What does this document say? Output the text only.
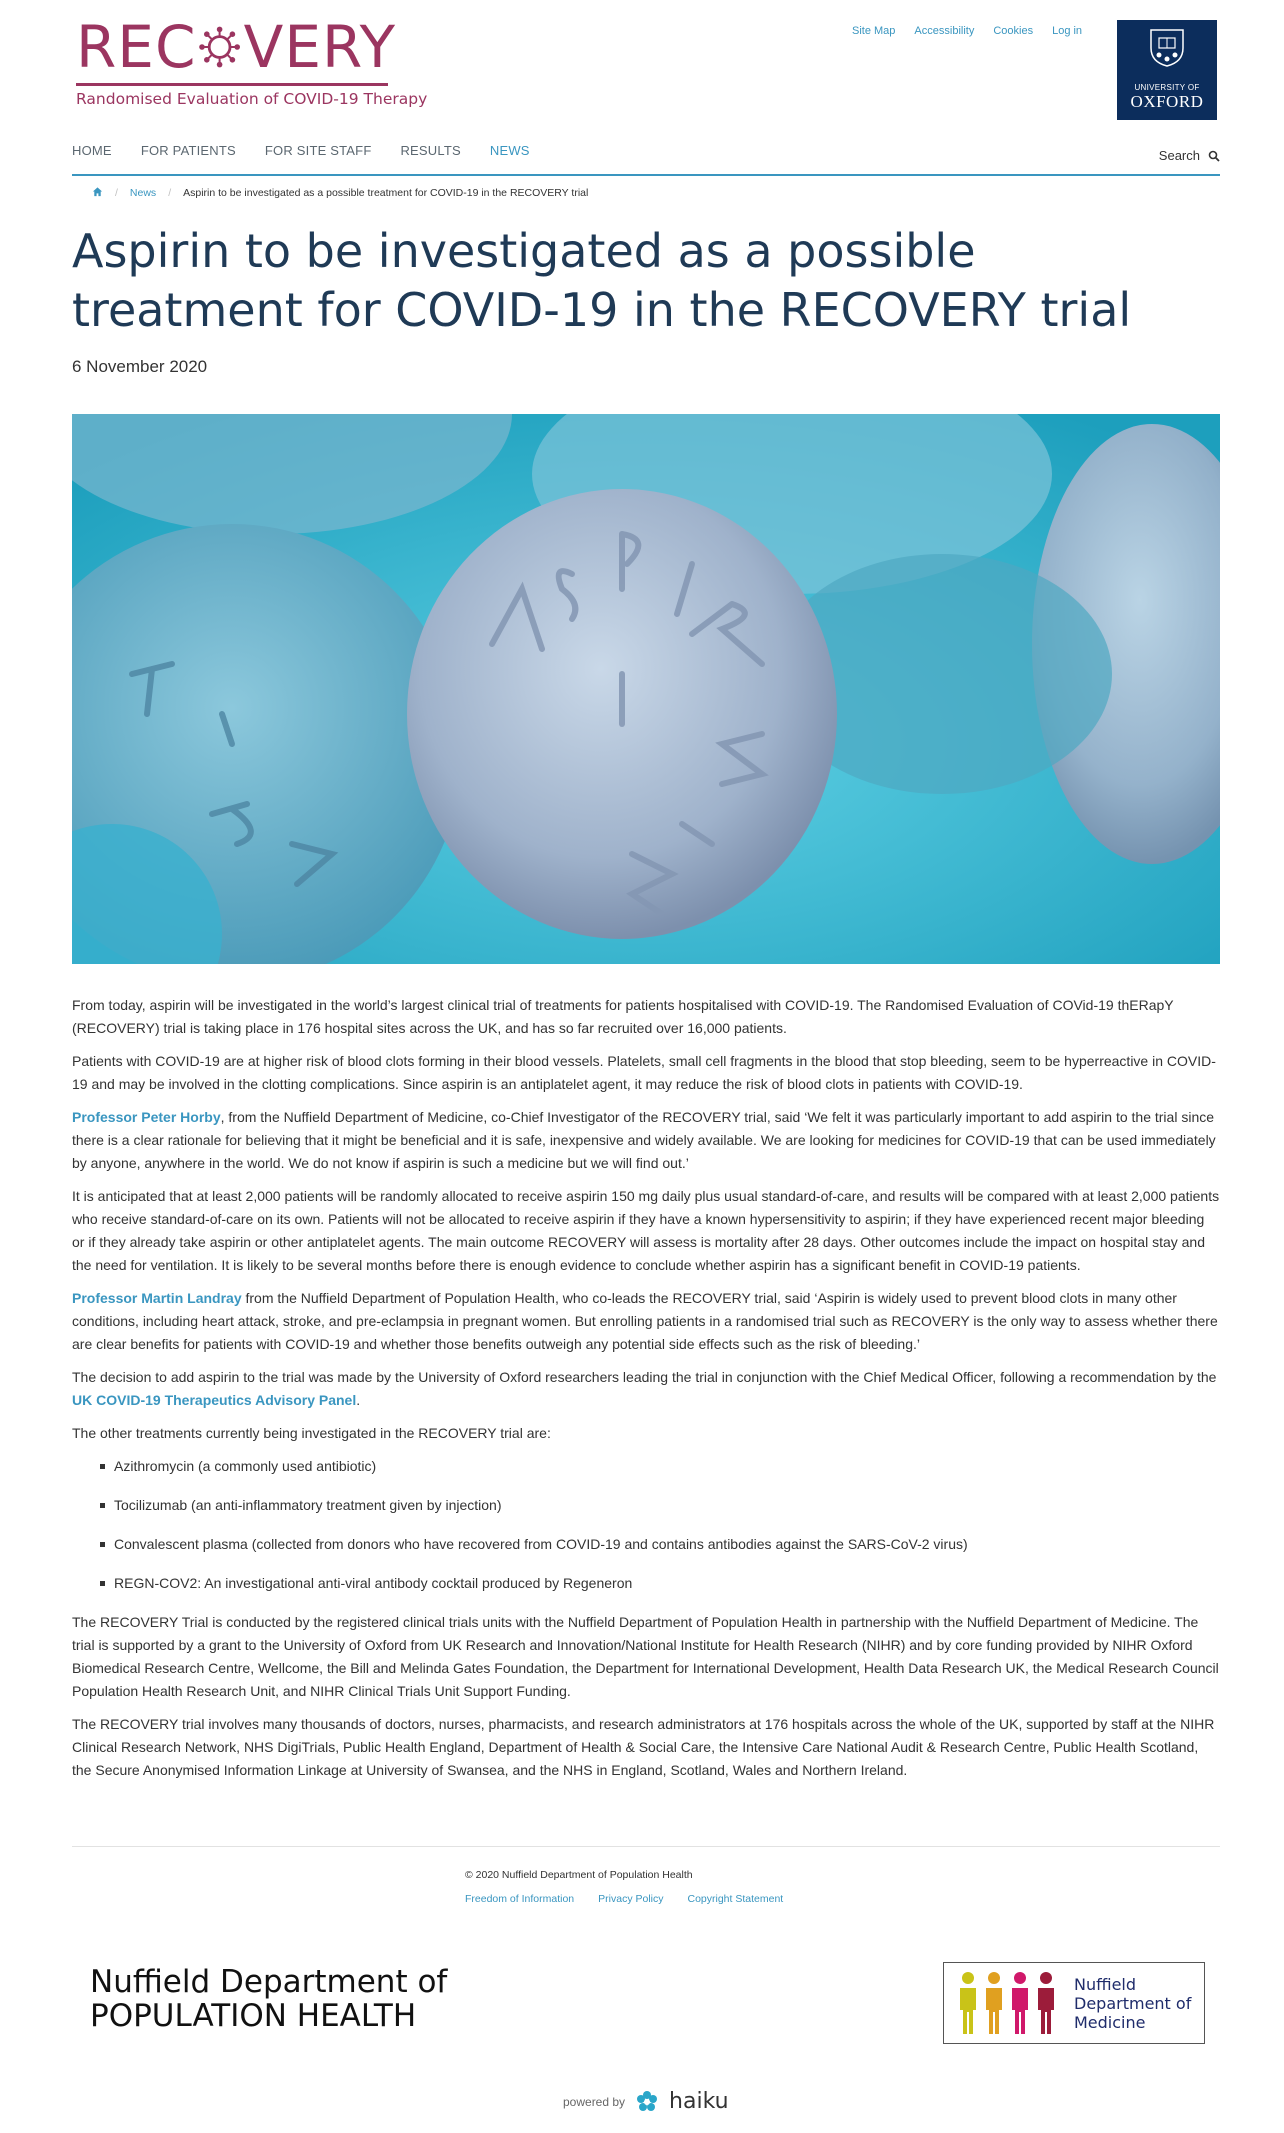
REC VERY
Randomised Evaluation of COVID-19 Therapy
Site Map Accessibility Cookies Log in
UNIVERSITY OF
OXFORD
HOME FOR PATIENTS FOR SITE STAFF RESULTS NEWS	Search
/ News / Aspirin to be investigated as a possible treatment for COVID-19 in the RECOVERY trial
Aspirin to be investigated as a possible treatment for COVID-19 in the RECOVERY trial
6 November 2020

From today, aspirin will be investigated in the world’s largest clinical trial of treatments for patients hospitalised with COVID-19. The Randomised Evaluation of COVid-19 thERapY (RECOVERY) trial is taking place in 176 hospital sites across the UK, and has so far recruited over 16,000 patients.

Patients with COVID-19 are at higher risk of blood clots forming in their blood vessels. Platelets, small cell fragments in the blood that stop bleeding, seem to be hyperreactive in COVID-19 and may be involved in the clotting complications. Since aspirin is an antiplatelet agent, it may reduce the risk of blood clots in patients with COVID-19.

Professor Peter Horby, from the Nuffield Department of Medicine, co-Chief Investigator of the RECOVERY trial, said ‘We felt it was particularly important to add aspirin to the trial since there is a clear rationale for believing that it might be beneficial and it is safe, inexpensive and widely available. We are looking for medicines for COVID-19 that can be used immediately by anyone, anywhere in the world. We do not know if aspirin is such a medicine but we will find out.’

It is anticipated that at least 2,000 patients will be randomly allocated to receive aspirin 150 mg daily plus usual standard-of-care, and results will be compared with at least 2,000 patients who receive standard-of-care on its own. Patients will not be allocated to receive aspirin if they have a known hypersensitivity to aspirin; if they have experienced recent major bleeding or if they already take aspirin or other antiplatelet agents. The main outcome RECOVERY will assess is mortality after 28 days. Other outcomes include the impact on hospital stay and the need for ventilation. It is likely to be several months before there is enough evidence to conclude whether aspirin has a significant benefit in COVID-19 patients.

Professor Martin Landray from the Nuffield Department of Population Health, who co-leads the RECOVERY trial, said ‘Aspirin is widely used to prevent blood clots in many other conditions, including heart attack, stroke, and pre-eclampsia in pregnant women. But enrolling patients in a randomised trial such as RECOVERY is the only way to assess whether there are clear benefits for patients with COVID-19 and whether those benefits outweigh any potential side effects such as the risk of bleeding.’

The decision to add aspirin to the trial was made by the University of Oxford researchers leading the trial in conjunction with the Chief Medical Officer, following a recommendation by the UK COVID-19 Therapeutics Advisory Panel.

The other treatments currently being investigated in the RECOVERY trial are:

Azithromycin (a commonly used antibiotic)
Tocilizumab (an anti-inflammatory treatment given by injection)
Convalescent plasma (collected from donors who have recovered from COVID-19 and contains antibodies against the SARS-CoV-2 virus)
REGN-COV2: An investigational anti-viral antibody cocktail produced by Regeneron

The RECOVERY Trial is conducted by the registered clinical trials units with the Nuffield Department of Population Health in partnership with the Nuffield Department of Medicine. The trial is supported by a grant to the University of Oxford from UK Research and Innovation/National Institute for Health Research (NIHR) and by core funding provided by NIHR Oxford Biomedical Research Centre, Wellcome, the Bill and Melinda Gates Foundation, the Department for International Development, Health Data Research UK, the Medical Research Council Population Health Research Unit, and NIHR Clinical Trials Unit Support Funding.

The RECOVERY trial involves many thousands of doctors, nurses, pharmacists, and research administrators at 176 hospitals across the whole of the UK, supported by staff at the NIHR Clinical Research Network, NHS DigiTrials, Public Health England, Department of Health & Social Care, the Intensive Care National Audit & Research Centre, Public Health Scotland, the Secure Anonymised Information Linkage at University of Swansea, and the NHS in England, Scotland, Wales and Northern Ireland.

© 2020 Nuffield Department of Population Health
Freedom of Information Privacy Policy Copyright Statement
Nuffield Department of
POPULATION HEALTH
Nuffield
Department of
Medicine
powered by haiku
